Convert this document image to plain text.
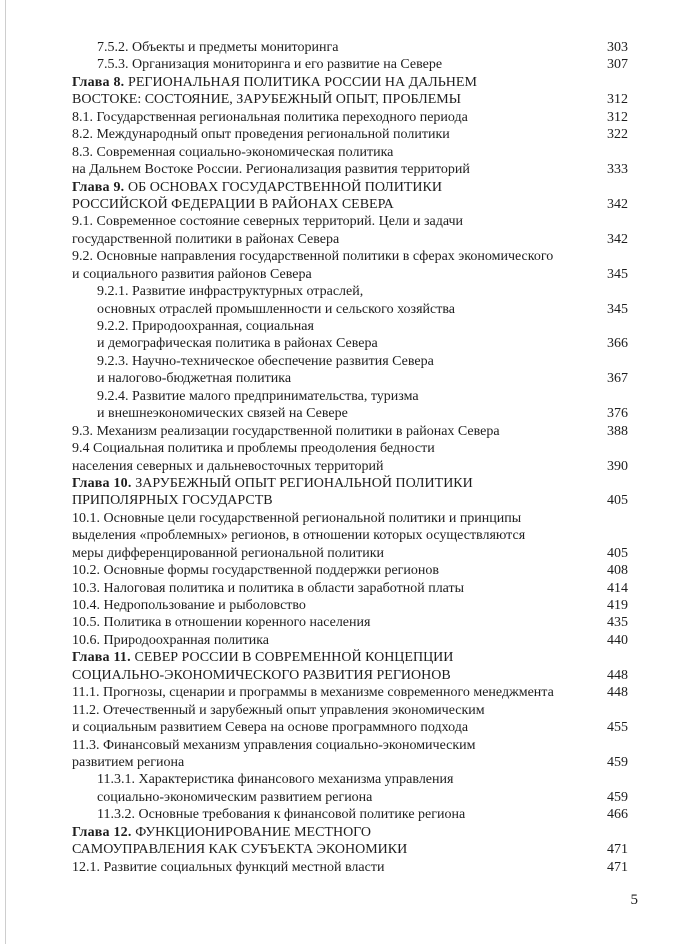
7.5.2. Объекты и предметы мониторинга	303
7.5.3. Организация мониторинга и его развитие на Севере	307
Глава 8. РЕГИОНАЛЬНАЯ ПОЛИТИКА РОССИИ НА ДАЛЬНЕМ
ВОСТОКЕ: СОСТОЯНИЕ, ЗАРУБЕЖНЫЙ ОПЫТ, ПРОБЛЕМЫ	312
8.1. Государственная региональная политика переходного периода	312
8.2. Международный опыт проведения региональной политики	322
8.3. Современная социально-экономическая политика
на Дальнем Востоке России. Регионализация развития территорий	333
Глава 9. ОБ ОСНОВАХ ГОСУДАРСТВЕННОЙ ПОЛИТИКИ
РОССИЙСКОЙ ФЕДЕРАЦИИ В РАЙОНАХ СЕВЕРА	342
9.1. Современное состояние северных территорий. Цели и задачи
государственной политики в районах Севера	342
9.2. Основные направления государственной политики в сферах экономического
и социального развития районов Севера	345
9.2.1. Развитие инфраструктурных отраслей,
основных отраслей промышленности и сельского хозяйства	345
9.2.2. Природоохранная, социальная
и демографическая политика в районах Севера	366
9.2.3. Научно-техническое обеспечение развития Севера
и налогово-бюджетная политика	367
9.2.4. Развитие малого предпринимательства, туризма
и внешнеэкономических связей на Севере	376
9.3. Механизм реализации государственной политики в районах Севера	388
9.4 Социальная политика и проблемы преодоления бедности
населения северных и дальневосточных территорий	390
Глава 10. ЗАРУБЕЖНЫЙ ОПЫТ РЕГИОНАЛЬНОЙ ПОЛИТИКИ
ПРИПОЛЯРНЫХ ГОСУДАРСТВ	405
10.1. Основные цели государственной региональной политики и принципы
выделения «проблемных» регионов, в отношении которых осуществляются
меры дифференцированной региональной политики	405
10.2. Основные формы государственной поддержки регионов	408
10.3. Налоговая политика и политика в области заработной платы	414
10.4. Недропользование и рыболовство	419
10.5. Политика в отношении коренного населения	435
10.6. Природоохранная политика	440
Глава 11. СЕВЕР РОССИИ В СОВРЕМЕННОЙ КОНЦЕПЦИИ
СОЦИАЛЬНО-ЭКОНОМИЧЕСКОГО РАЗВИТИЯ РЕГИОНОВ	448
11.1. Прогнозы, сценарии и программы в механизме современного менеджмента	448
11.2. Отечественный и зарубежный опыт управления экономическим
и социальным развитием Севера на основе программного подхода	455
11.3. Финансовый механизм управления социально-экономическим
развитием региона	459
11.3.1. Характеристика финансового механизма управления
социально-экономическим развитием региона	459
11.3.2. Основные требования к финансовой политике региона	466
Глава 12. ФУНКЦИОНИРОВАНИЕ МЕСТНОГО
САМОУПРАВЛЕНИЯ КАК СУБЪЕКТА ЭКОНОМИКИ	471
12.1. Развитие социальных функций местной власти	471
5
